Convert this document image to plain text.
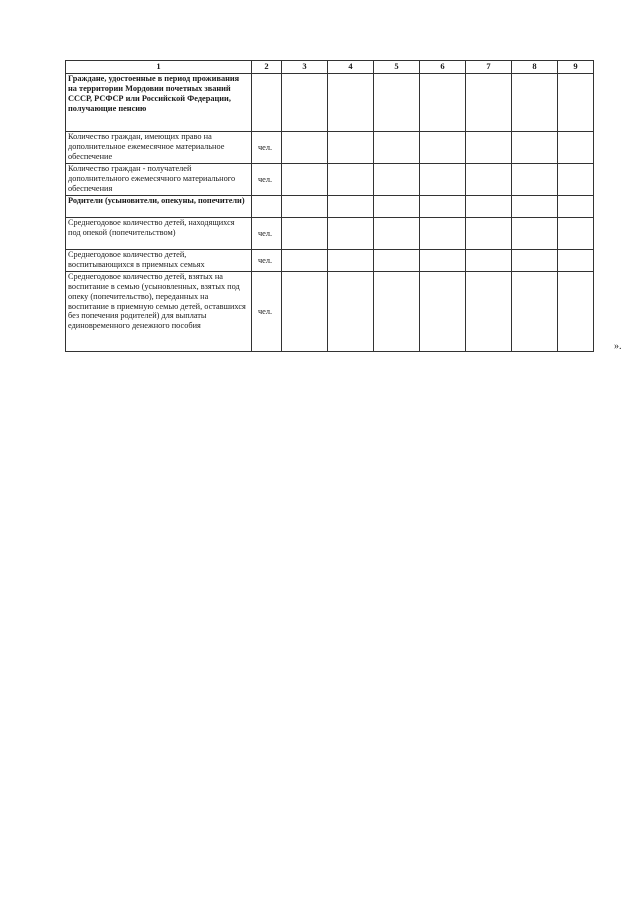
1	2	3	4	5	6	7	8	9
Граждане, удостоенные в период проживания на территории Мордовии почетных званий СССР, РСФСР или Российской Федерации, получающие пенсию								
Количество граждан, имеющих право на дополнительное ежемесячное материальное обеспечение	чел.							
Количество граждан - получателей дополнительного ежемесячного материального обеспечения	чел.							
Родители (усыновители, опекуны, попечители)								
Среднегодовое количество детей, находящихся под опекой (попечительством)	чел.							
Среднегодовое количество детей, воспитывающихся в приемных семьях	чел.							
Среднегодовое количество детей, взятых на воспитание в семью (усыновленных, взятых под опеку (попечительство), переданных на воспитание в приемную семью детей, оставшихся без попечения родителей) для выплаты единовременного денежного пособия	чел.							
».
